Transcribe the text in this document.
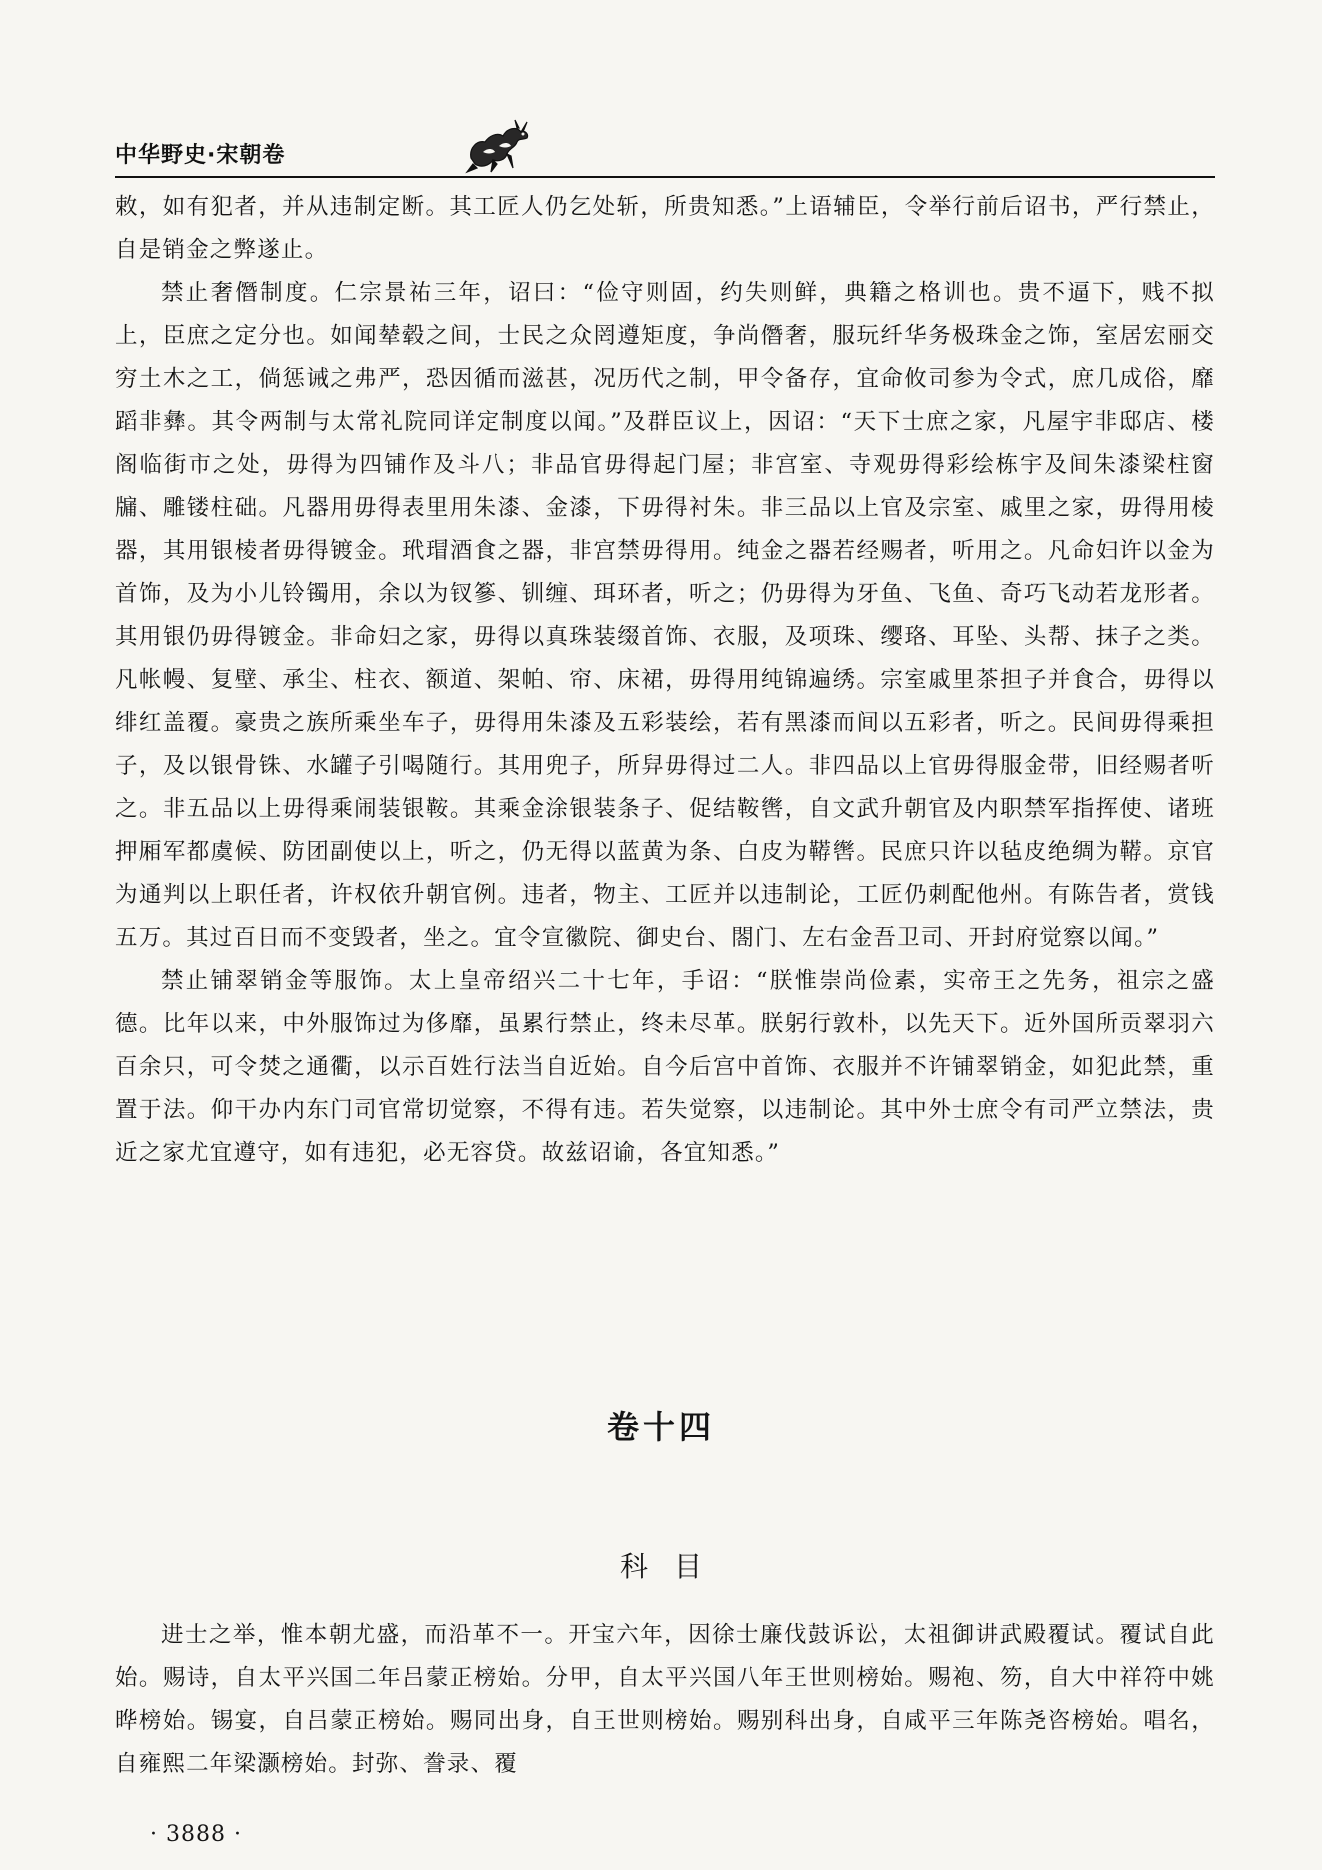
中华野史·宋朝卷

敕，如有犯者，并从违制定断。其工匠人仍乞处斩，所贵知悉。”上语辅臣，令举行前后诏书，严行禁止，自是销金之弊遂止。

禁止奢僭制度。仁宗景祐三年，诏曰：“俭守则固，约失则鲜，典籍之格训也。贵不逼下，贱不拟上，臣庶之定分也。如闻辇毂之间，士民之众罔遵矩度，争尚僭奢，服玩纤华务极珠金之饰，室居宏丽交穷土木之工，倘惩诫之弗严，恐因循而滋甚，况历代之制，甲令备存，宜命攸司参为令式，庶几成俗，靡蹈非彝。其令两制与太常礼院同详定制度以闻。”及群臣议上，因诏：“天下士庶之家，凡屋宇非邸店、楼阁临街市之处，毋得为四铺作及斗八；非品官毋得起门屋；非宫室、寺观毋得彩绘栋宇及间朱漆梁柱窗牖、雕镂柱础。凡器用毋得表里用朱漆、金漆，下毋得衬朱。非三品以上官及宗室、戚里之家，毋得用棱器，其用银棱者毋得镀金。玳瑁酒食之器，非宫禁毋得用。纯金之器若经赐者，听用之。凡命妇许以金为首饰，及为小儿铃镯用，余以为钗篸、钏缠、珥环者，听之；仍毋得为牙鱼、飞鱼、奇巧飞动若龙形者。其用银仍毋得镀金。非命妇之家，毋得以真珠装缀首饰、衣服，及项珠、缨珞、耳坠、头帮、抹子之类。凡帐幔、复壁、承尘、柱衣、额道、架帕、帘、床裙，毋得用纯锦遍绣。宗室戚里茶担子并食合，毋得以绯红盖覆。豪贵之族所乘坐车子，毋得用朱漆及五彩装绘，若有黑漆而间以五彩者，听之。民间毋得乘担子，及以银骨铢、水罐子引喝随行。其用兜子，所舁毋得过二人。非四品以上官毋得服金带，旧经赐者听之。非五品以上毋得乘闹装银鞍。其乘金涂银装条子、促结鞍辔，自文武升朝官及内职禁军指挥使、诸班押厢军都虞候、防团副使以上，听之，仍无得以蓝黄为条、白皮为鞯辔。民庶只许以毡皮绝绸为鞯。京官为通判以上职任者，许权依升朝官例。违者，物主、工匠并以违制论，工匠仍刺配他州。有陈告者，赏钱五万。其过百日而不变毁者，坐之。宜令宣徽院、御史台、閤门、左右金吾卫司、开封府觉察以闻。”

禁止铺翠销金等服饰。太上皇帝绍兴二十七年，手诏：“朕惟崇尚俭素，实帝王之先务，祖宗之盛德。比年以来，中外服饰过为侈靡，虽累行禁止，终未尽革。朕躬行敦朴，以先天下。近外国所贡翠羽六百余只，可令焚之通衢，以示百姓行法当自近始。自今后宫中首饰、衣服并不许铺翠销金，如犯此禁，重置于法。仰干办内东门司官常切觉察，不得有违。若失觉察，以违制论。其中外士庶令有司严立禁法，贵近之家尤宜遵守，如有违犯，必无容贷。故兹诏谕，各宜知悉。”

卷十四
科目

进士之举，惟本朝尤盛，而沿革不一。开宝六年，因徐士廉伐鼓诉讼，太祖御讲武殿覆试。覆试自此始。赐诗，自太平兴国二年吕蒙正榜始。分甲，自太平兴国八年王世则榜始。赐袍、笏，自大中祥符中姚晔榜始。锡宴，自吕蒙正榜始。赐同出身，自王世则榜始。赐别科出身，自咸平三年陈尧咨榜始。唱名，自雍熙二年梁灏榜始。封弥、誊录、覆

· 3888 ·
